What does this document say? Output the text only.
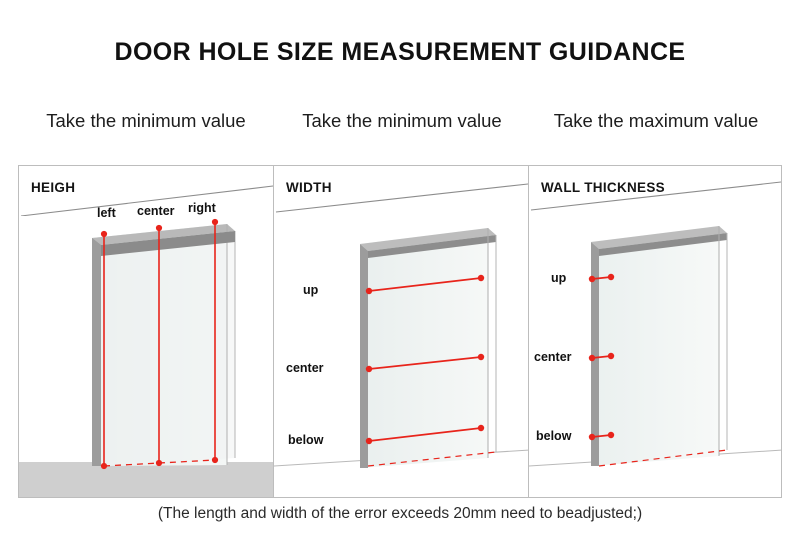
DOOR HOLE SIZE MEASUREMENT GUIDANCE
Take the minimum value	Take the minimum value	Take the maximum value
HEIGH
left center right
WIDTH
up
center
below
WALL THICKNESS
up
center
below
(The length and width of the error exceeds 20mm need to beadjusted;)
